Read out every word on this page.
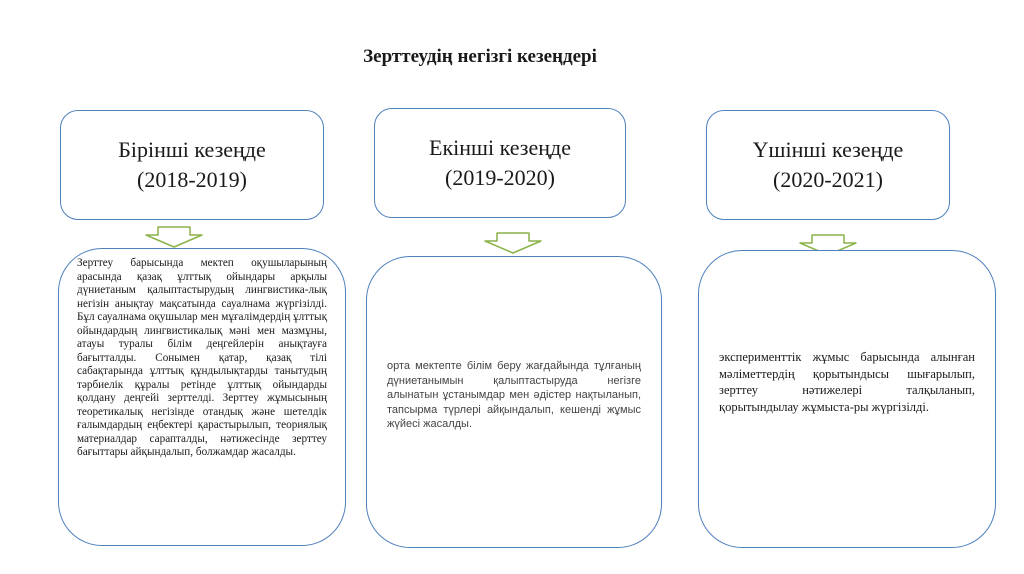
Зерттеудің негізгі кезеңдері
Бірінші кезеңде
(2018-2019)
Екінші кезеңде
(2019-2020)
Үшінші кезеңде
(2020-2021)
Зерттеу барысында мектеп оқушыларының арасында қазақ ұлттық ойындары арқылы дүниетаным қалыптастырудың лингвистика-лық негізін анықтау мақсатында сауалнама жүргізілді. Бұл сауалнама оқушылар мен мұғалімдердің ұлттық ойындардың лингвистикалық мәні мен мазмұны, атауы туралы білім деңгейлерін анықтауға бағытталды. Сонымен қатар, қазақ тілі сабақтарында ұлттық құндылықтарды танытудың тәрбиелік құралы ретінде ұлттық ойындарды қолдану деңгейі зерттелді. Зерттеу жұмысының теоретикалық негізінде отандық және шетелдік ғалымдардың еңбектері қарастырылып, теориялық материалдар сарапталды, нәтижесінде зерттеу бағыттары айқындалып, болжамдар жасалды.
орта мектепте білім беру жағдайында тұлғаның дүниетанымын қалыптастыруда негізге алынатын ұстанымдар мен әдістер нақтыланып, тапсырма түрлері айқындалып, кешенді жұмыс жүйесі жасалды.
эксперименттік жұмыс барысында алынған мәліметтердің қорытындысы шығарылып, зерттеу нәтижелері талқыланып, қорытындылау жұмыста-ры жүргізілді.
